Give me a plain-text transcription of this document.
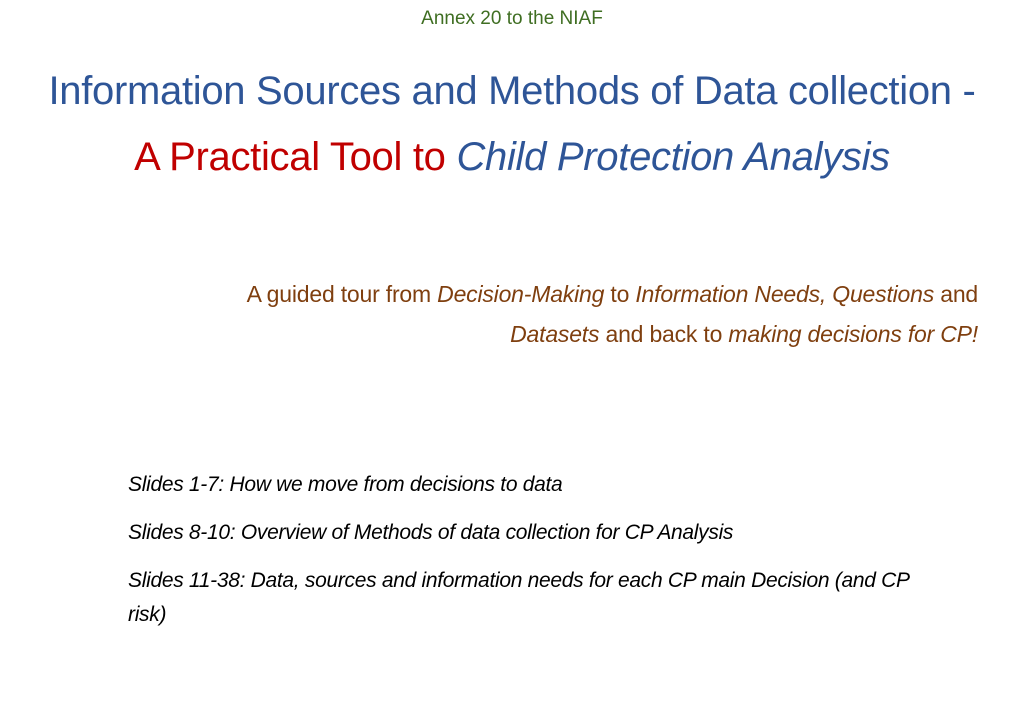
Annex 20 to the NIAF
Information Sources and Methods of Data collection - A Practical Tool to Child Protection Analysis
A guided tour from Decision-Making to Information Needs, Questions and
Datasets and back to making decisions for CP!

Slides 1-7: How we move from decisions to data

Slides 8-10: Overview of Methods of data collection for CP Analysis

Slides 11-38: Data, sources and information needs for each CP main Decision (and CP risk)
